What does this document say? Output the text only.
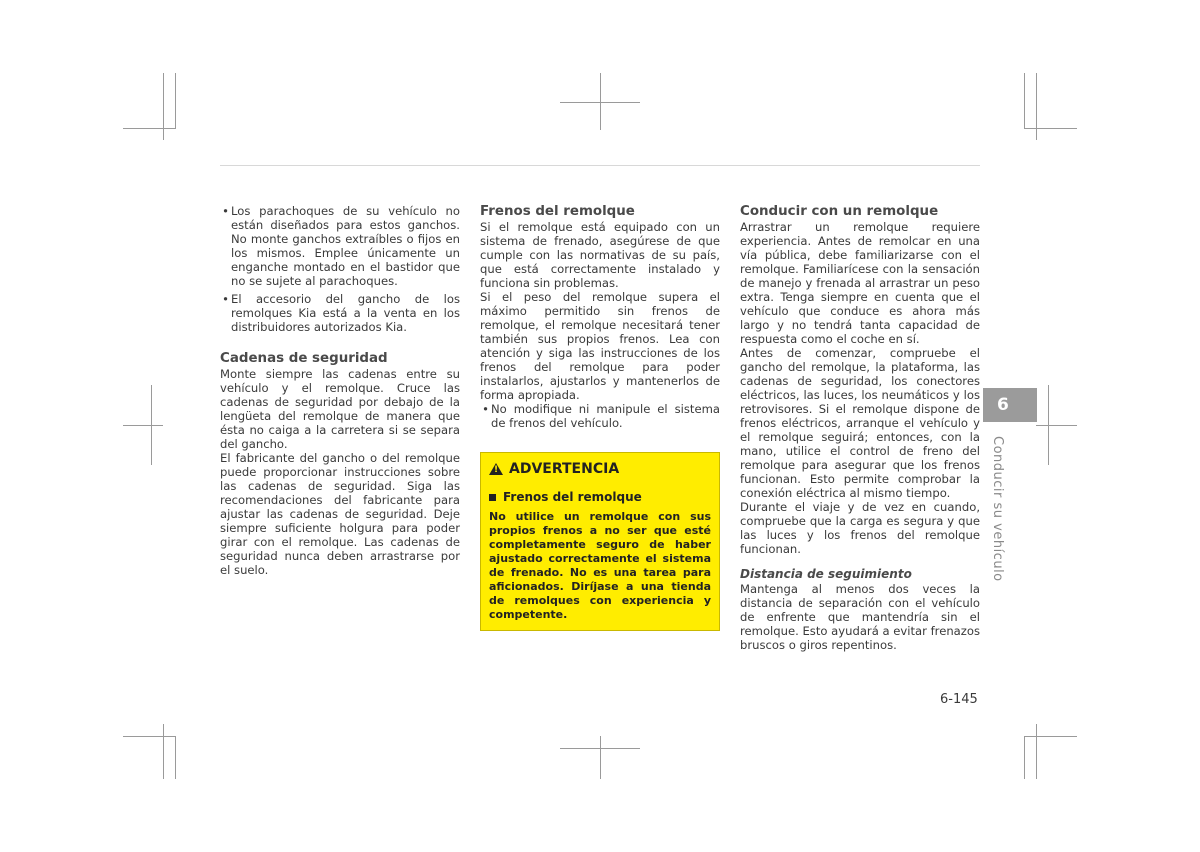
• Los parachoques de su vehículo no están diseñados para estos ganchos. No monte ganchos extraíbles o fijos en los mismos. Emplee únicamente un enganche montado en el bastidor que no se sujete al parachoques.
• El accesorio del gancho de los remolques Kia está a la venta en los distribuidores autorizados Kia.
Cadenas de seguridad

Monte siempre las cadenas entre su vehículo y el remolque. Cruce las cadenas de seguridad por debajo de la lengüeta del remolque de manera que ésta no caiga a la carretera si se separa del gancho.

El fabricante del gancho o del remolque puede proporcionar instrucciones sobre las cadenas de seguridad. Siga las recomendaciones del fabricante para ajustar las cadenas de seguridad. Deje siempre suficiente holgura para poder girar con el remolque. Las cadenas de seguridad nunca deben arrastrarse por el suelo.

Frenos del remolque

Si el remolque está equipado con un sistema de frenado, asegúrese de que cumple con las normativas de su país, que está correctamente instalado y funciona sin problemas.

Si el peso del remolque supera el máximo permitido sin frenos de remolque, el remolque necesitará tener también sus propios frenos. Lea con atención y siga las instrucciones de los frenos del remolque para poder instalarlos, ajustarlos y mantenerlos de forma apropiada.

• No modifique ni manipule el sistema de frenos del vehículo.
! ADVERTENCIA
Frenos del remolque
No utilice un remolque con sus propios frenos a no ser que esté completamente seguro de haber ajustado correctamente el sistema de frenado. No es una tarea para aficionados. Diríjase a una tienda de remolques con experiencia y competente.
Conducir con un remolque

Arrastrar un remolque requiere experiencia. Antes de remolcar en una vía pública, debe familiarizarse con el remolque. Familiarícese con la sensación de manejo y frenada al arrastrar un peso extra. Tenga siempre en cuenta que el vehículo que conduce es ahora más largo y no tendrá tanta capacidad de respuesta como el coche en sí.

Antes de comenzar, compruebe el gancho del remolque, la plataforma, las cadenas de seguridad, los conectores eléctricos, las luces, los neumáticos y los retrovisores. Si el remolque dispone de frenos eléctricos, arranque el vehículo y el remolque seguirá; entonces, con la mano, utilice el control de freno del remolque para asegurar que los frenos funcionan. Esto permite comprobar la conexión eléctrica al mismo tiempo.

Durante el viaje y de vez en cuando, compruebe que la carga es segura y que las luces y los frenos del remolque funcionan.

Distancia de seguimiento

Mantenga al menos dos veces la distancia de separación con el vehículo de enfrente que mantendría sin el remolque. Esto ayudará a evitar frenazos bruscos o giros repentinos.

6
Conducir su vehículo
6-145
